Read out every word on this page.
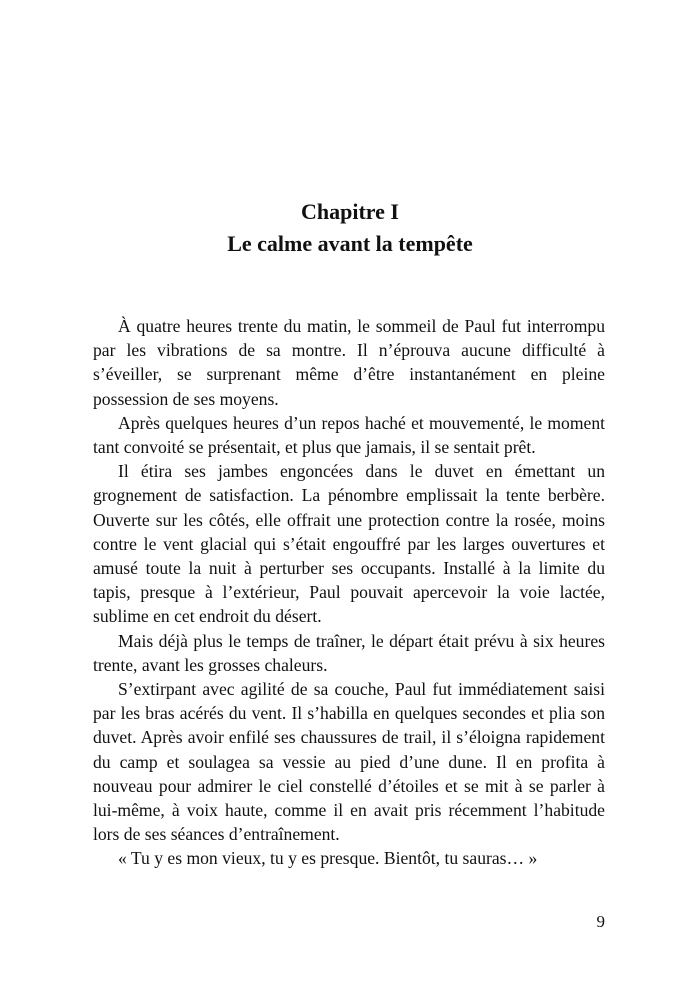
Chapitre I
Le calme avant la tempête

À quatre heures trente du matin, le sommeil de Paul fut interrompu par les vibrations de sa montre. Il n’éprouva aucune difficulté à s’éveiller, se surprenant même d’être instantanément en pleine possession de ses moyens.

Après quelques heures d’un repos haché et mouvementé, le moment tant convoité se présentait, et plus que jamais, il se sentait prêt.

Il étira ses jambes engoncées dans le duvet en émettant un grognement de satisfaction. La pénombre emplissait la tente berbère. Ouverte sur les côtés, elle offrait une protection contre la rosée, moins contre le vent glacial qui s’était engouffré par les larges ouvertures et amusé toute la nuit à perturber ses occupants. Installé à la limite du tapis, presque à l’extérieur, Paul pouvait apercevoir la voie lactée, sublime en cet endroit du désert.

Mais déjà plus le temps de traîner, le départ était prévu à six heures trente, avant les grosses chaleurs.

S’extirpant avec agilité de sa couche, Paul fut immédiatement saisi par les bras acérés du vent. Il s’habilla en quelques secondes et plia son duvet. Après avoir enfilé ses chaussures de trail, il s’éloigna rapidement du camp et soulagea sa vessie au pied d’une dune. Il en profita à nouveau pour admirer le ciel constellé d’étoiles et se mit à se parler à lui-même, à voix haute, comme il en avait pris récemment l’habitude lors de ses séances d’entraînement.

« Tu y es mon vieux, tu y es presque. Bientôt, tu sauras… »

9
